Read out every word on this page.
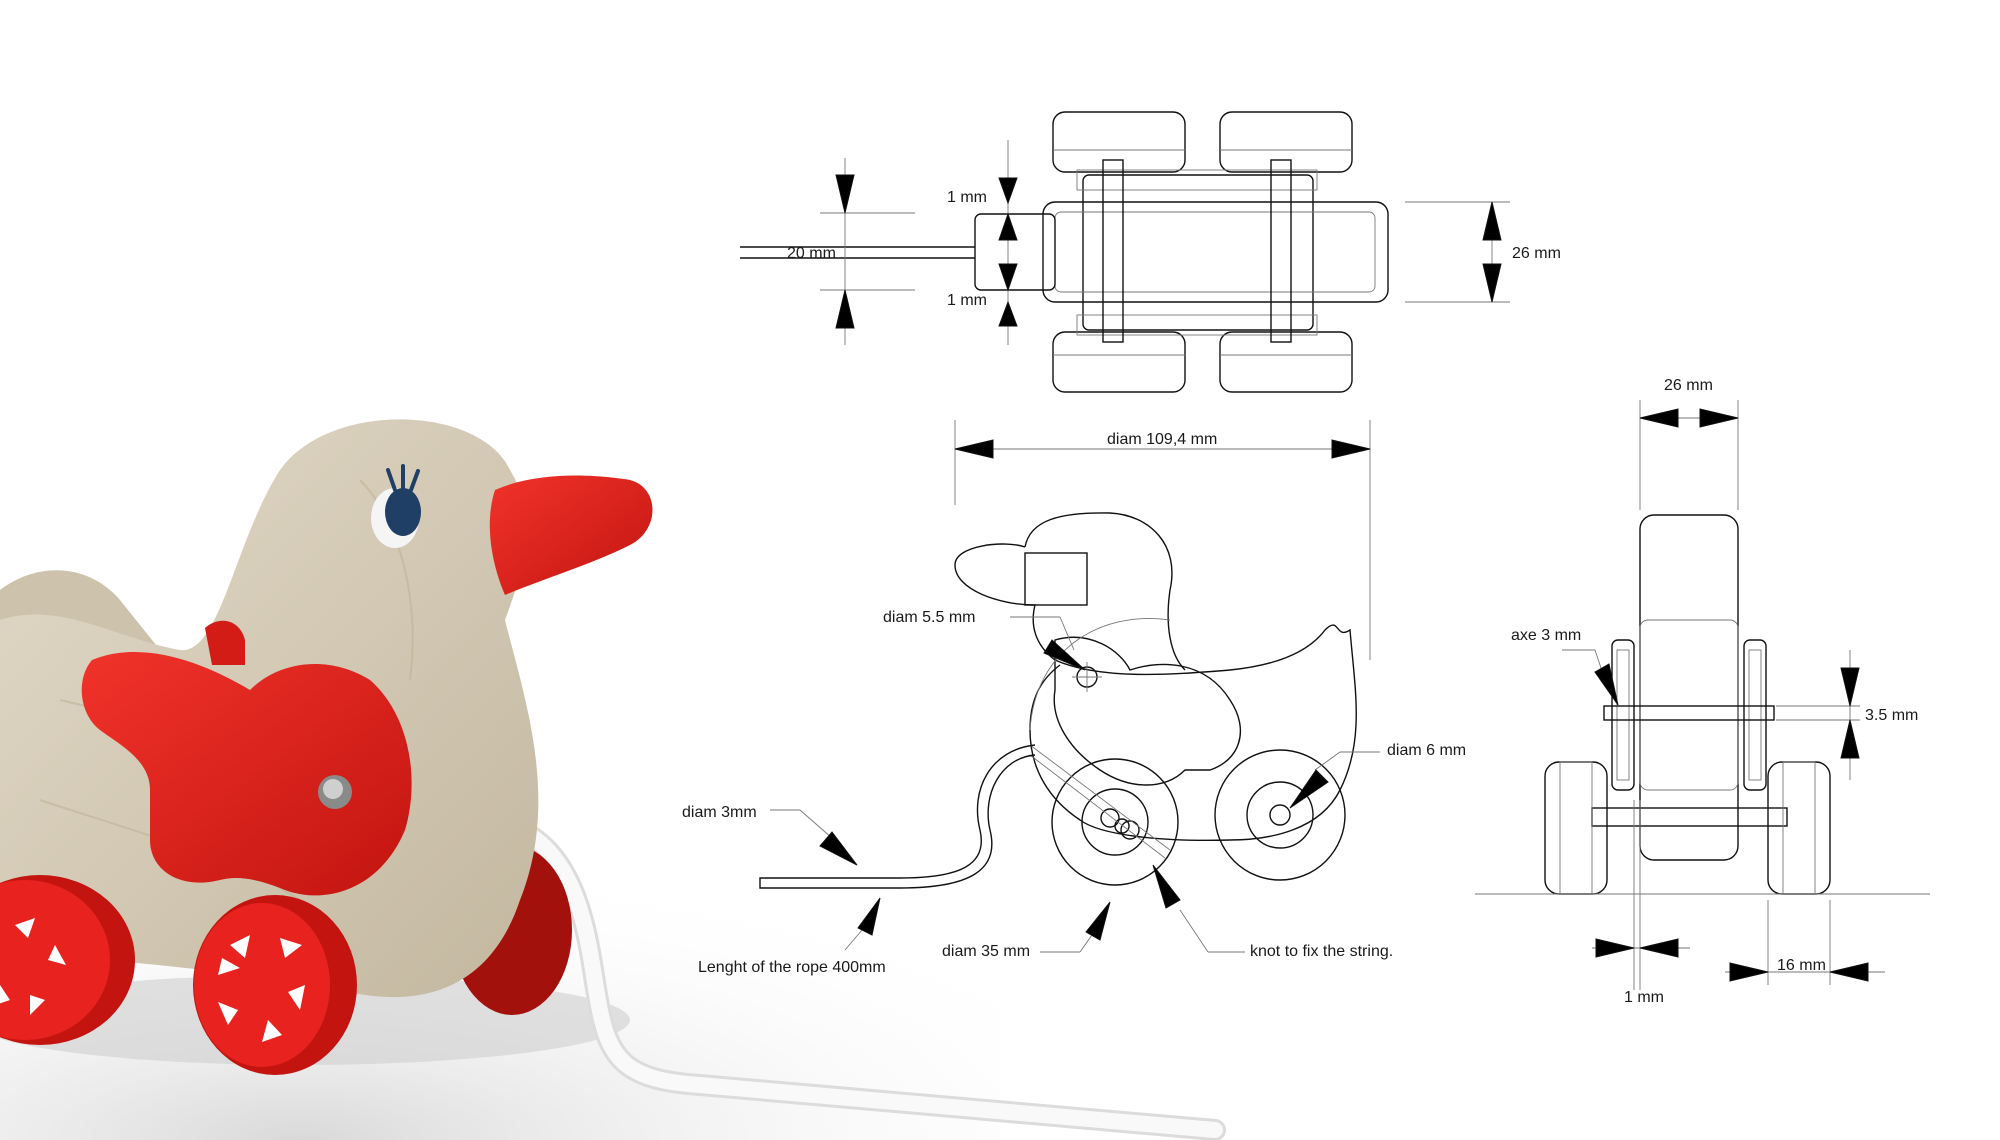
20 mm
1 mm
1 mm
26 mm
diam 109,4 mm
diam 5.5 mm
diam 6 mm
diam 3mm
Lenght of the rope 400mm
diam 35 mm	knot to fix the string.
26 mm
axe 3 mm
3.5 mm
1 mm
16 mm
